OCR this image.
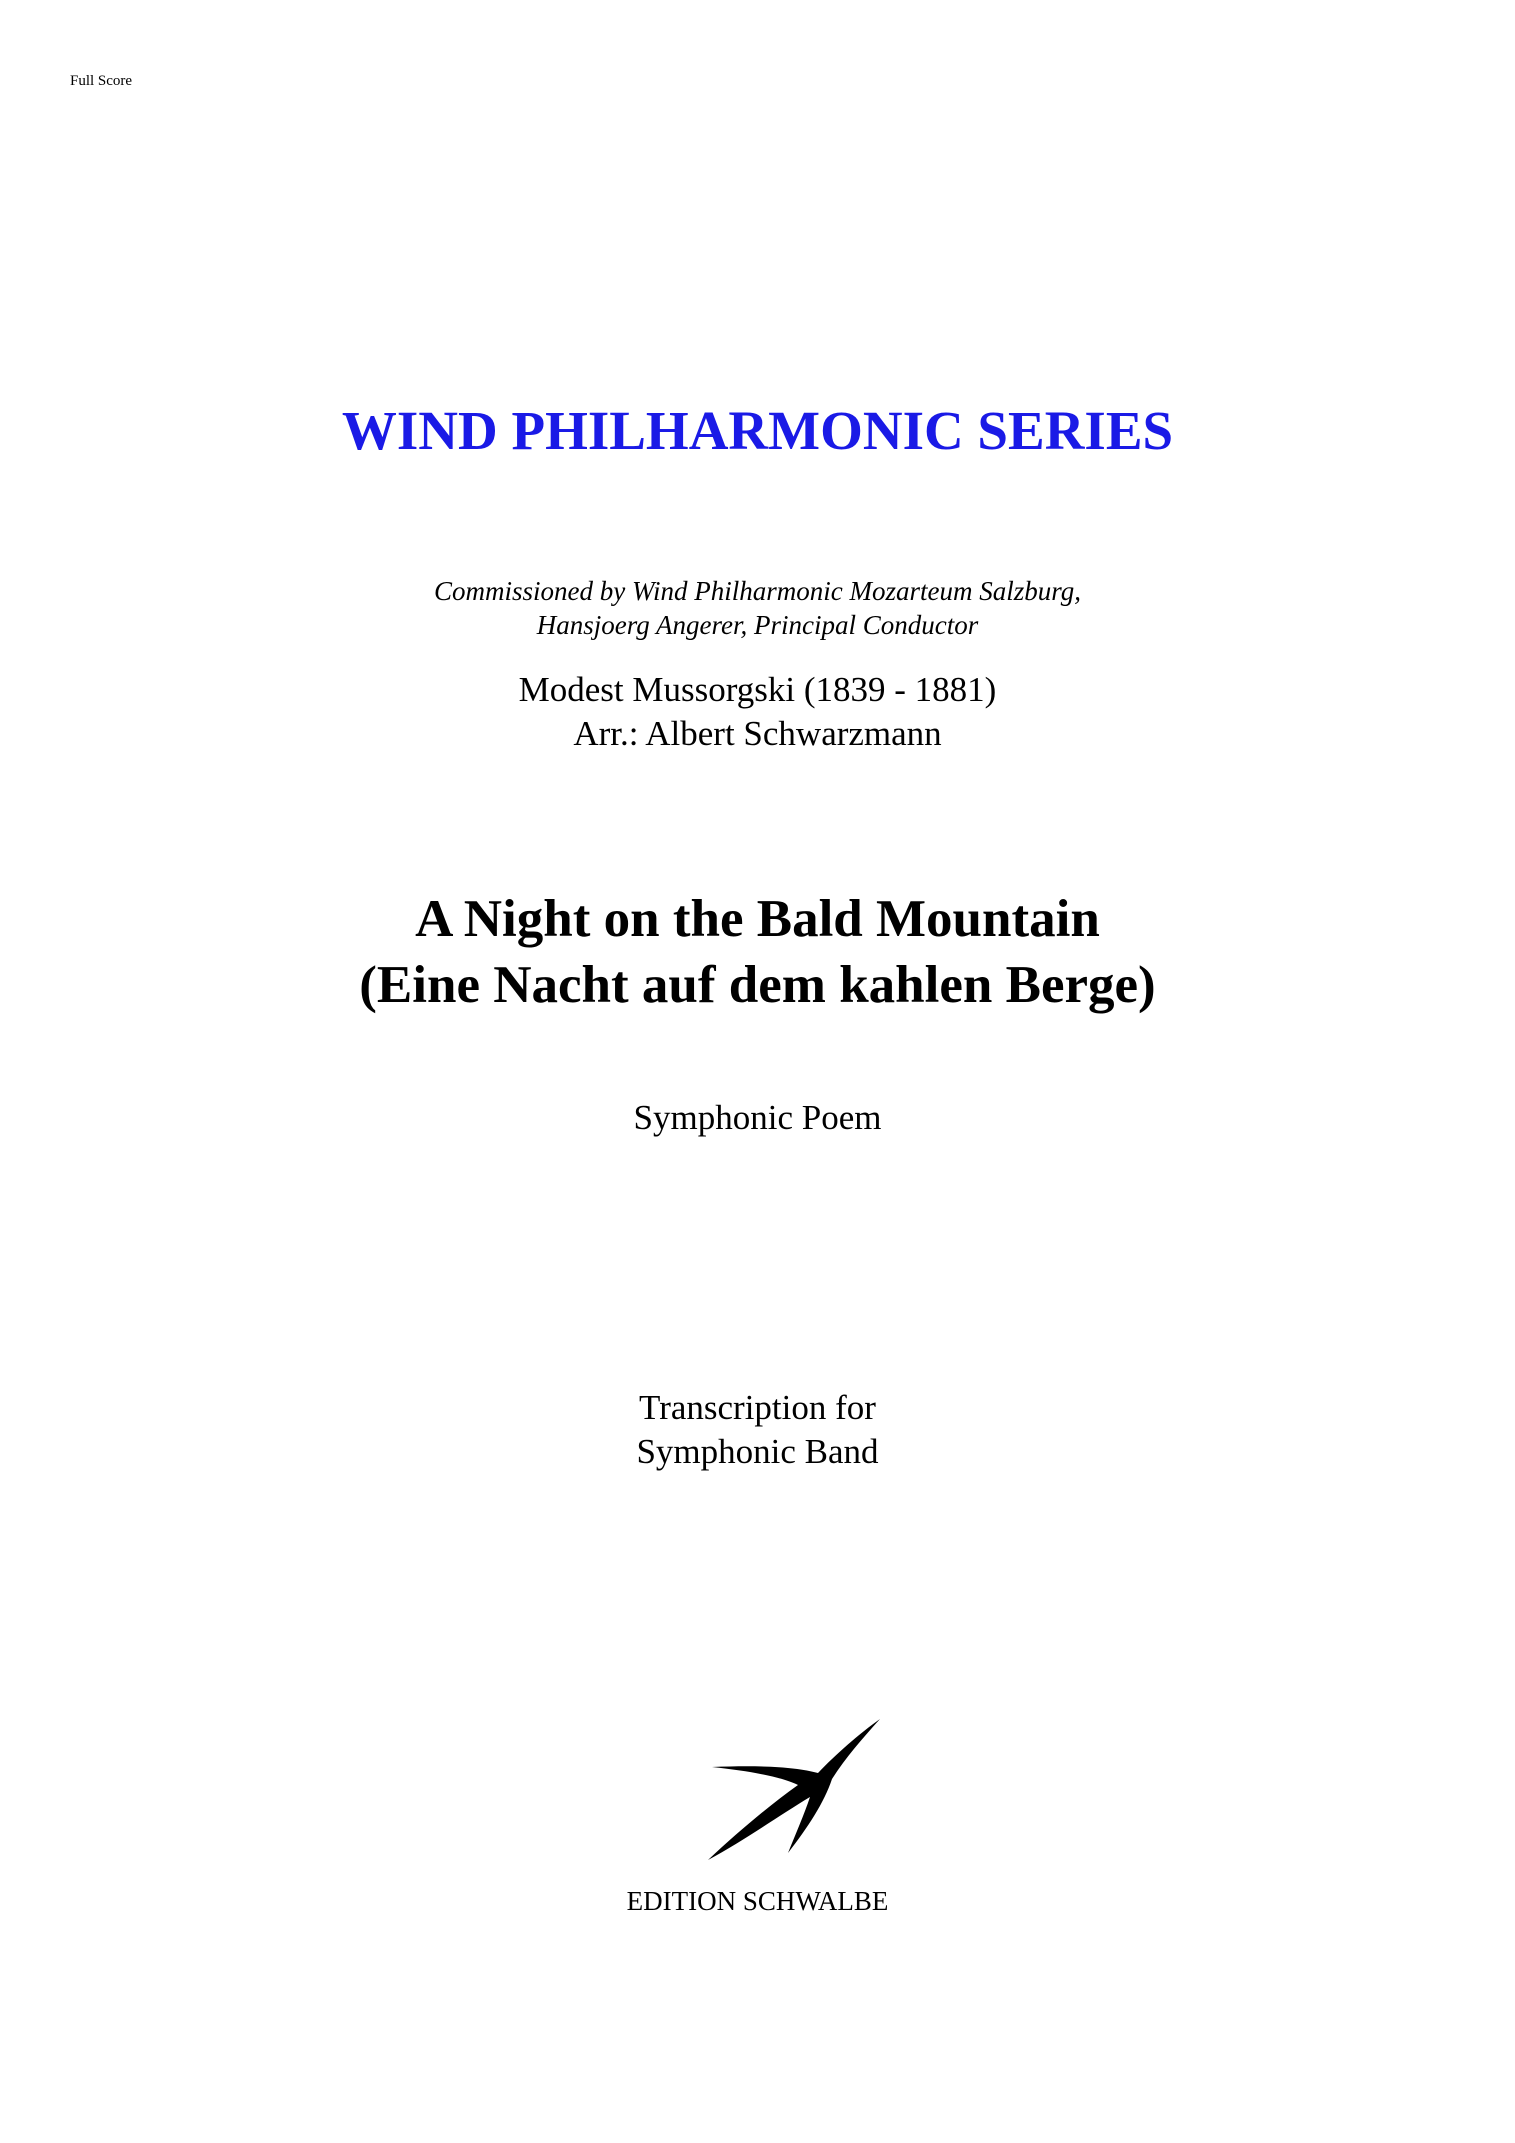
Full Score
WIND PHILHARMONIC SERIES
Commissioned by Wind Philharmonic Mozarteum Salzburg,
Hansjoerg Angerer, Principal Conductor
Modest Mussorgski (1839 - 1881)
Arr.: Albert Schwarzmann
A Night on the Bald Mountain
(Eine Nacht auf dem kahlen Berge)
Symphonic Poem
Transcription for
Symphonic Band
EDITION SCHWALBE
